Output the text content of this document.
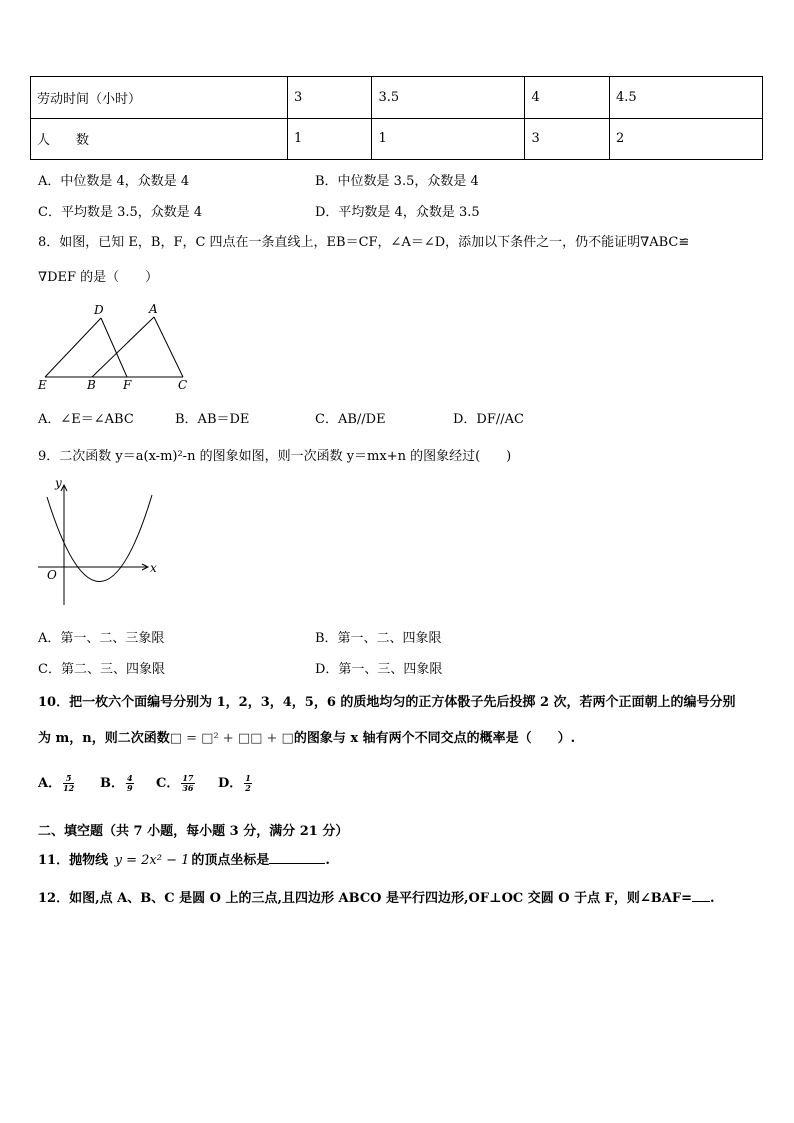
劳动时间（小时）	3	3.5	4	4.5
人　　数	1	1	3	2
A．中位数是 4，众数是 4	B．中位数是 3.5，众数是 4
C．平均数是 3.5，众数是 4	D．平均数是 4，众数是 3.5
8．如图，已知 E，B，F，C 四点在一条直线上，EB＝CF，∠A＝∠D，添加以下条件之一，仍不能证明∇ABC≌
∇DEF 的是（　　）
D	A
E	B F	C
A．∠E＝∠ABC	B．AB＝DE	C．AB//DE	D．DF//AC
9．二次函数 y＝a(x-m)²-n 的图象如图，则一次函数 y＝mx+n 的图象经过(　　)
y
x
O
A．第一、二、三象限	B．第一、二、四象限
C．第二、三、四象限	D．第一、三、四象限
10．把一枚六个面编号分别为 1，2，3，4，5，6 的质地均匀的正方体骰子先后投掷 2 次，若两个正面朝上的编号分别
为 m，n，则二次函数□ = □² + □□ + □的图象与 x 轴有两个不同交点的概率是（　　）.
A． $\frac{5}{12}$ B． $\frac{4}{9}$ C． $\frac{17}{36}$ D． $\frac{1}{2}$
二、填空题（共 7 小题，每小题 3 分，满分 21 分）
11．抛物线 y = 2x² − 1 的顶点坐标是	.
12．如图,点 A、B、C 是圆 O 上的三点,且四边形 ABCO 是平行四边形,OF⊥OC 交圆 O 于点 F，则∠BAF= .
